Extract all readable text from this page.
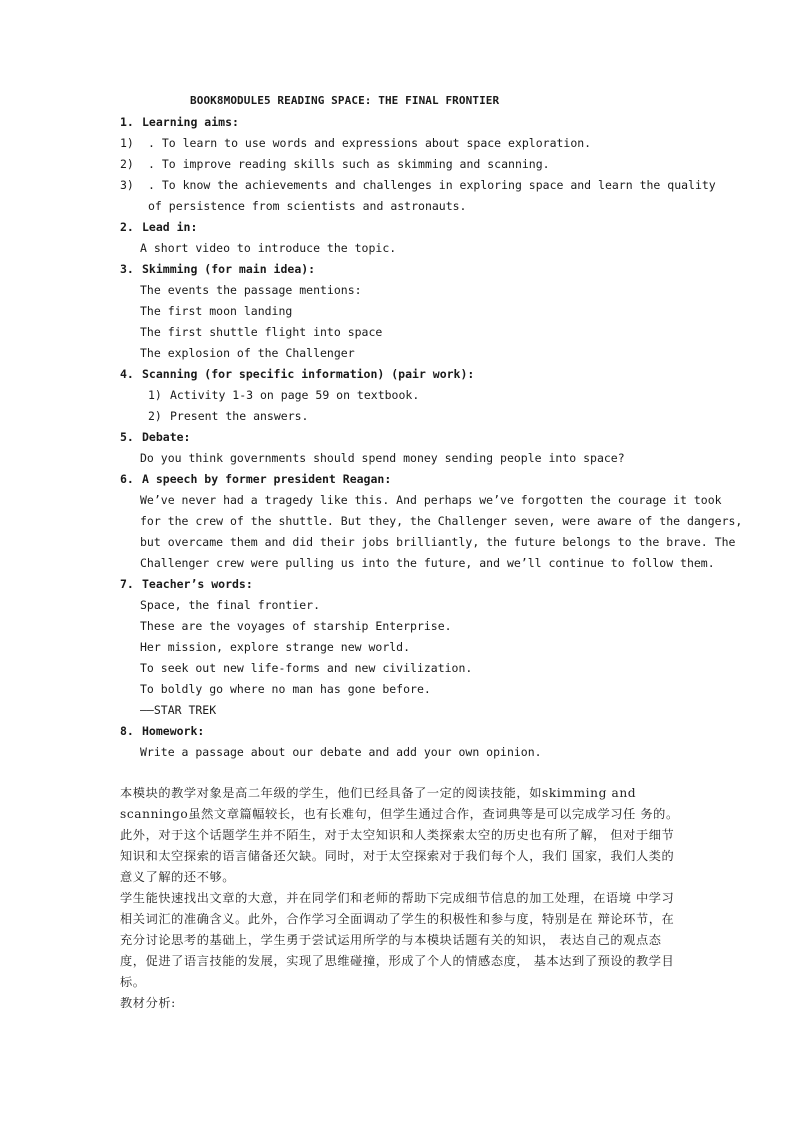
BOOK8MODULE5 READING SPACE: THE FINAL FRONTIER
1. Learning aims:
1) . To learn to use words and expressions about space exploration.
2) . To improve reading skills such as skimming and scanning.
3) . To know the achievements and challenges in exploring space and learn the quality
of persistence from scientists and astronauts.
2. Lead in:
A short video to introduce the topic.
3. Skimming (for main idea):
The events the passage mentions:
The first moon landing
The first shuttle flight into space
The explosion of the Challenger
4. Scanning (for specific information) (pair work):
1) Activity 1-3 on page 59 on textbook.
2) Present the answers.
5. Debate:
Do you think governments should spend money sending people into space?
6. A speech by former president Reagan:
We’ve never had a tragedy like this. And perhaps we’ve forgotten the courage it took
for the crew of the shuttle. But they, the Challenger seven, were aware of the dangers,
but overcame them and did their jobs brilliantly, the future belongs to the brave. The
Challenger crew were pulling us into the future, and we’ll continue to follow them.
7. Teacher’s words:
Space, the final frontier.
These are the voyages of starship Enterprise.
Her mission, explore strange new world.
To seek out new life-forms and new civilization.
To boldly go where no man has gone before.
——STAR TREK
8. Homework:
Write a passage about our debate and add your own opinion.
本模块的教学对象是高二年级的学生，他们已经具备了一定的阅读技能，如skimming and scanningo虽然文章篇幅较长，也有长难句，但学生通过合作，查词典等是可以完成学习任 务的。此外，对于这个话题学生并不陌生，对于太空知识和人类探索太空的历史也有所了解， 但对于细节知识和太空探索的语言储备还欠缺。同时，对于太空探索对于我们每个人，我们 国家，我们人类的意义了解的还不够。
学生能快速找出文章的大意，并在同学们和老师的帮助下完成细节信息的加工处理，在语境 中学习相关词汇的准确含义。此外，合作学习全面调动了学生的积极性和参与度，特别是在 辩论环节，在充分讨论思考的基础上，学生勇于尝试运用所学的与本模块话题有关的知识， 表达自己的观点态度，促进了语言技能的发展，实现了思维碰撞，形成了个人的情感态度， 基本达到了预设的教学目标。
教材分析:
